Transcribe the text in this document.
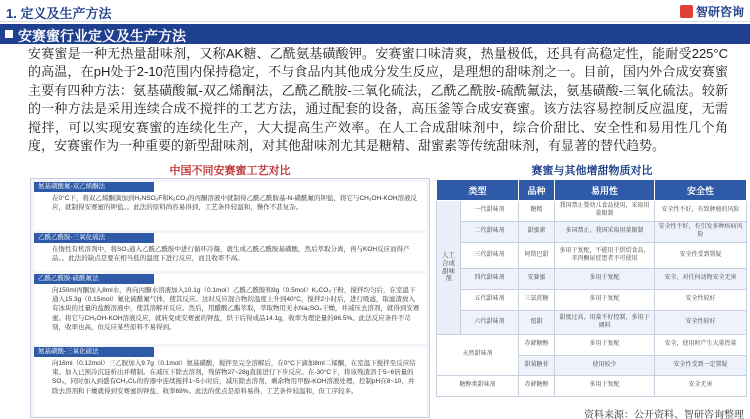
1. 定义及生产方法	智研咨询
安赛蜜行业定义及生产方法
安赛蜜是一种无热量甜味剂，又称AK糖、乙酰氨基磺酸钾。安赛蜜口味清爽，热量极低，还具有高稳定性，能耐受225°C的高温，在pH处于2-10范围内保持稳定，不与食品内其他成分发生反应，是理想的甜味剂之一。目前，国内外合成安赛蜜主要有四种方法：氨基磺酸氟-双乙烯酮法，乙酰乙酰胺-三氧化硫法，乙酰乙酰胺-硫酰氟法，氨基磺酸-三氧化硫法。较新的一种方法是采用连续合成不搅拌的工艺方法，通过配套的设备，高压釜等合成安赛蜜。该方法容易控制反应温度，无需搅拌，可以实现安赛蜜的连续化生产，大大提高生产效率。在人工合成甜味剂中，综合价甜比、安全性和易用性几个角度，安赛蜜作为一种重要的新型甜味剂，对其他甜味剂尤其是糖精、甜蜜素等传统甜味剂，有显著的替代趋势。
中国不同安赛蜜工艺对比
氨基磺酸氟-双乙烯酮法
在0°C下，将双乙烯酮滴加到H₂NSO₂F和K₂CO₃的丙酮溶液中就制得乙酰乙酰胺基-N-磺酰氟的钾盐，将它与CH₃OH-KOH溶液反应，就制得安赛蜜的钾盐。。此法的原料尚容易得到，工艺条件较温和，操作不甚复杂。
乙酰乙酰胺-三氧化硫法
在惰性有机溶剂中，将SO₃通入乙酰乙酰胺中进行循环冷凝，就生成乙酰乙酰胺基磺酸，然后萃取分离，再与KOH反应而得产品。。此法的缺点是要在相当低的温度下进行反应，而且收率不高。
乙酰乙酰胺-硫酰氟法
向150ml丙酮加入8ml水，再向丙酮水溶液加入10.1g（0.1mol）乙酰乙酰胺和9g（0.5mol）K₂CO₃干粉，搅拌均匀后，在室温下通入15.3g（0.15mol）氟化硫酰氟气体，使其反应。这时反应混合物的温度上升到40°C，搅拌2小时后，进行吸滤，取滤渣放入有冰块的过量的盐酸溶液中，使其溶解并反应。然后，用醋酸乙酯萃取，萃取物用无水Na₂SO₄干燥，并减压去溶剂，就得到安赛蜜。将它与CH₃OH-KOH溶液反应，就转变成安赛蜜的钾盐，烘干后得成品14.1g，收率为理论量的86.5%。此法反应条件不苛刻，收率也高，但反应某些原料不易得到。
氨基磺酸-三氧化硫法
向16ml（0.12mol）三乙胺加入9.7g（0.1mol）氨基磺酸，搅拌至完全溶解后，在0°C下滴加8ml二烯酮，在室温下搅拌至反应结束。加入已预冷沉淀析出并精制。在减压下除去溶剂，残留物27~28g直接进行下步反应。在-30°C下，将该残渣溶于5~6倍量的SO₃，同时加入到盛有CH₂Cl₂的容器中连续搅拌1~5小时后，减压除去溶剂，剩余物用甲醇-KOH溶液处理，控制pH在8~10，并除去溶剂和干燥就得到安赛蜜的钾盐，收率69%。此法的优点是原料易得，工艺条件较温和，但工序较多。
赛蜜与其他增甜物质对比
类型		品种	易用性	安全性
人工合成甜味剂	一代甜味剂	糖精	我国禁止婴幼儿食品使用，采取用量限制	安全性不好，有致肿瘤的风险
	二代甜味剂	甜蜜素	多国禁止，我国采取用量限制	安全性不好，有引发多种疾病风险
	三代甜味剂	阿斯巴甜	多用于复配，不能用于烘焙食品，苯丙酮尿症患者不可使用	安全性受到置疑
	四代甜味剂	安赛蜜	多用于复配	安全、对任何动物安全无害
	五代甜味剂	三氯蔗糖	多用于复配	安全性较好
	六代甜味剂	纽甜	甜度过高，用量不好控制，多用于调料	安全性较好
天然甜味剂		赤藓糖醇	多用于复配	安全，使用时产生大量热量
		甜菊糖苷	使用较少	安全性受到一定置疑
糖醇类甜味剂		赤藓糖醇	多用于复配	安全无害
资料来源：公开资料、智研咨询整理
